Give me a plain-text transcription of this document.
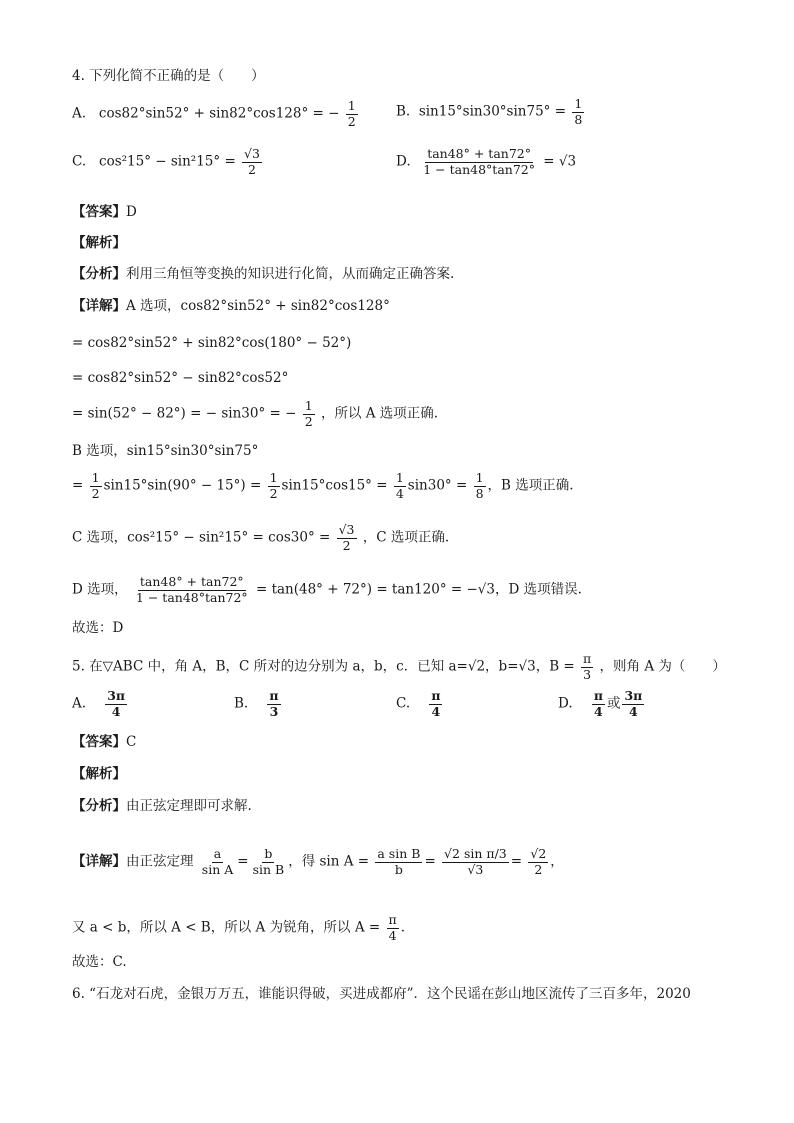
4. 下列化简不正确的是（　　）
A. cos82°sin52° + sin82°cos128° = − $\frac{1}{2}$	B. $\sin 15^\circ\sin 30^\circ\sin 75^\circ = \frac{1}{8}$
C. $\cos^215^\circ - \sin^215^\circ = \frac{√3}{2}$	D. $\frac{\tan 48^\circ + \tan 72^\circ}{1 - \tan 48^\circ\tan 72^\circ} = √3$
【答案】D
【解析】
【分析】利用三角恒等变换的知识进行化简，从而确定正确答案.
【详解】A 选项，cos82°sin52° + sin82°cos128°
= cos82°sin52° + sin82°cos(180° − 52°)
= cos82°sin52° − sin82°cos52°
= sin(52° − 82°) = − sin30° = − $\frac{1}{2}$ ，所以 A 选项正确.
B 选项，sin15°sin30°sin75°
= $\frac{1}{2} \sin 15^\circ\sin(90^\circ - 15^\circ) = \frac{1}{2} \sin 15^\circ\cos 15^\circ = \frac{1}{4} \sin 30^\circ = \frac{1}{8}$ ，B 选项正确.
C 选项，$\cos^215^\circ - \sin^215^\circ = \cos 30^\circ = \frac{√3}{2}$ ，C 选项正确.
D 选项， $\frac{\tan 48^\circ + \tan 72^\circ}{1 - \tan 48^\circ\tan 72^\circ} = \tan(48^\circ + 72^\circ) = \tan 120^\circ = -√3$，D 选项错误.
故选：D
5. 在▽ABC 中，角 A，B，C 所对的边分别为 a，b，c．已知 a=√2，b=√3，$B = \frac{\pi}{3}$ ，则角 A 为（　　）
A. $\frac{3\pi}{4}$	B. $\frac{\pi}{3}$	C. $\frac{\pi}{4}$	D. $\frac{\pi}{4}$ 或 $\frac{3\pi}{4}$
【答案】C
【解析】
【分析】由正弦定理即可求解.
【详解】由正弦定理 $\frac{a}{\text{sin A}} = \frac{b}{\text{sin B}}$ ，得 $\sin A = \frac{\text{a sin B}}{b} = \frac{\text{√2 sin π/3}}{√3} = \frac{√2}{2}$ ，
又 a < b，所以 A < B，所以 A 为锐角，所以 $A = \frac{\pi}{4}$ .
故选：C.
6. “石龙对石虎，金银万万五，谁能识得破，买进成都府”．这个民谣在彭山地区流传了三百多年，2020
